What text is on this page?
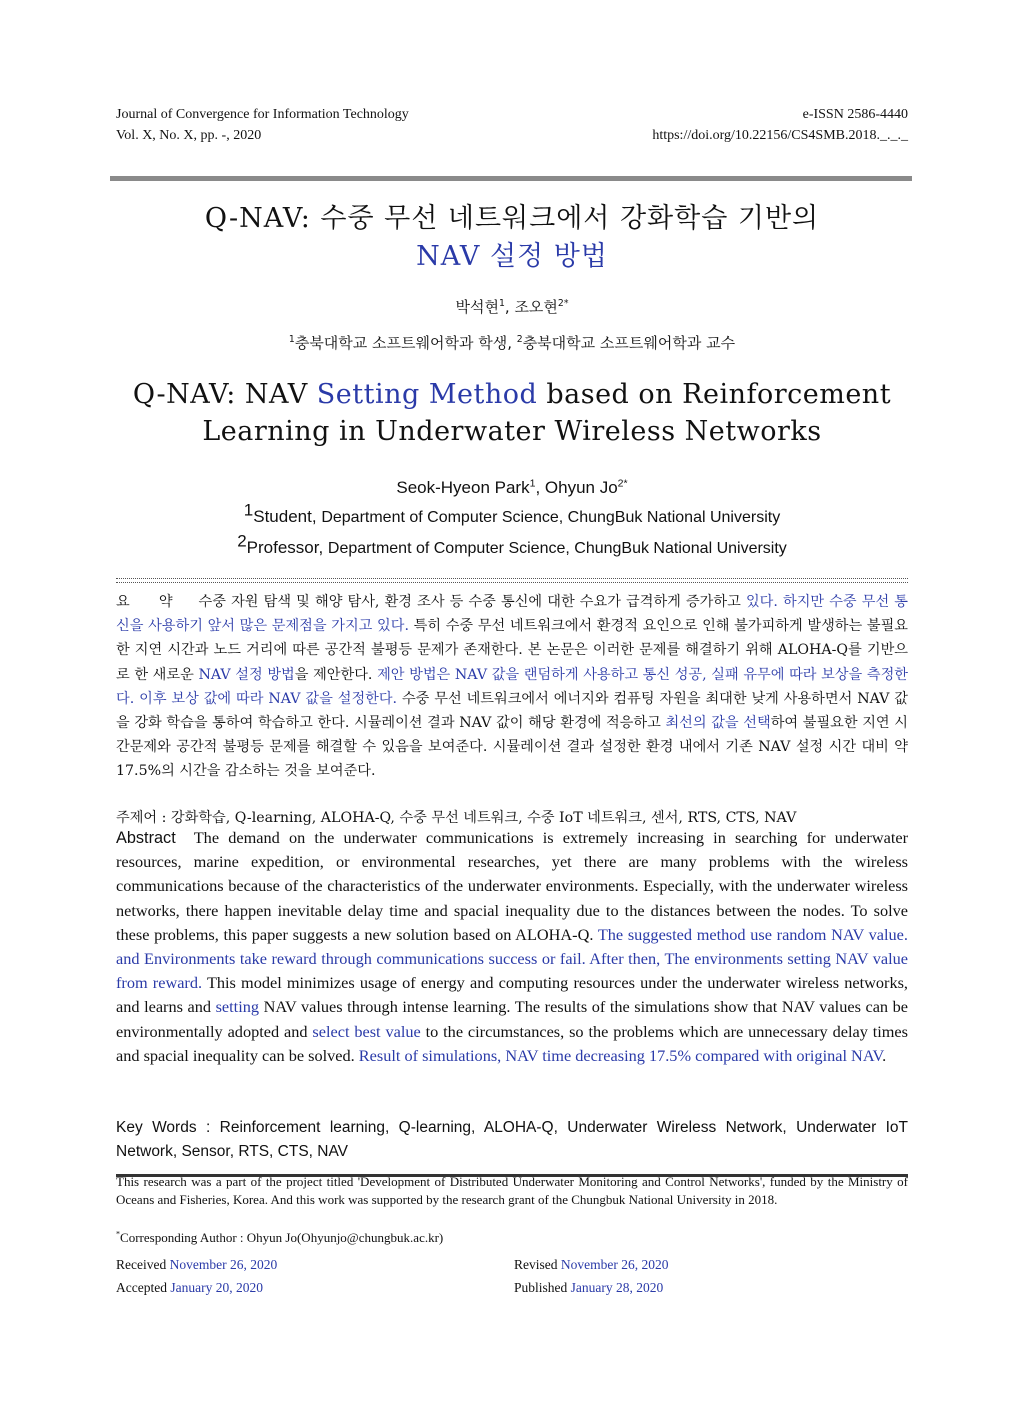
Journal of Convergence for Information Technology
Vol. X, No. X, pp. -, 2020
e-ISSN 2586-4440
https://doi.org/10.22156/CS4SMB.2018._._._
Q-NAV: 수중 무선 네트워크에서 강화학습 기반의
NAV 설정 방법
박석현$^1$, 조오현$^{2*}$
$^1$충북대학교 소프트웨어학과 학생, $^2$충북대학교 소프트웨어학과 교수
Q-NAV: NAV Setting Method based on Reinforcement
Learning in Underwater Wireless Networks
Seok-Hyeon Park$^1$, Ohyun $Jo^{2*}$
$^1$Student, Department of Computer Science, ChungBuk National University
$^2$Professor, Department of Computer Science, ChungBuk National University
요 약 수중 자원 탐색 및 해양 탐사, 환경 조사 등 수중 통신에 대한 수요가 급격하게 증가하고 있다. 하지만 수중 무선 통신을 사용하기 앞서 많은 문제점을 가지고 있다. 특히 수중 무선 네트워크에서 환경적 요인으로 인해 불가피하게 발생하는 불필요한 지연 시간과 노드 거리에 따른 공간적 불평등 문제가 존재한다. 본 논문은 이러한 문제를 해결하기 위해 ALOHA-Q를 기반으로 한 새로운 NAV 설정 방법을 제안한다. 제안 방법은 NAV 값을 랜덤하게 사용하고 통신 성공, 실패 유무에 따라 보상을 측정한다. 이후 보상 값에 따라 NAV 값을 설정한다. 수중 무선 네트워크에서 에너지와 컴퓨팅 자원을 최대한 낮게 사용하면서 NAV 값을 강화 학습을 통하여 학습하고 한다. 시뮬레이션 결과 NAV 값이 해당 환경에 적응하고 최선의 값을 선택하여 불필요한 지연 시간문제와 공간적 불평등 문제를 해결할 수 있음을 보여준다. 시뮬레이션 결과 설정한 환경 내에서 기존 NAV 설정 시간 대비 약 17.5%의 시간을 감소하는 것을 보여준다.
주제어 : 강화학습, Q-learning, ALOHA-Q, 수중 무선 네트워크, 수중 IoT 네트워크, 센서, RTS, CTS, NAV
Abstract The demand on the underwater communications is extremely increasing in searching for underwater resources, marine expedition, or environmental researches, yet there are many problems with the wireless communications because of the characteristics of the underwater environments. Especially, with the underwater wireless networks, there happen inevitable delay time and spacial inequality due to the distances between the nodes. To solve these problems, this paper suggests a new solution based on ALOHA-Q. The suggested method use random NAV value. and Environments take reward through communications success or fail. After then, The environments setting NAV value from reward. This model minimizes usage of energy and computing resources under the underwater wireless networks, and learns and setting NAV values through intense learning. The results of the simulations show that NAV values can be environmentally adopted and select best value to the circumstances, so the problems which are unnecessary delay times and spacial inequality can be solved. Result of simulations, NAV time decreasing 17.5% compared with original NAV.
Key Words : Reinforcement learning, Q-learning, ALOHA-Q, Underwater Wireless Network, Underwater IoT Network, Sensor, RTS, CTS, NAV
This research was a part of the project titled 'Development of Distributed Underwater Monitoring and Control Networks', funded by the Ministry of Oceans and Fisheries, Korea. And this work was supported by the research grant of the Chungbuk National University in 2018.
*Corresponding Author : Ohyun Jo(Ohyunjo@chungbuk.ac.kr)
Received November 26, 2020	Revised November 26, 2020
Accepted January 20, 2020	Published January 28, 2020
